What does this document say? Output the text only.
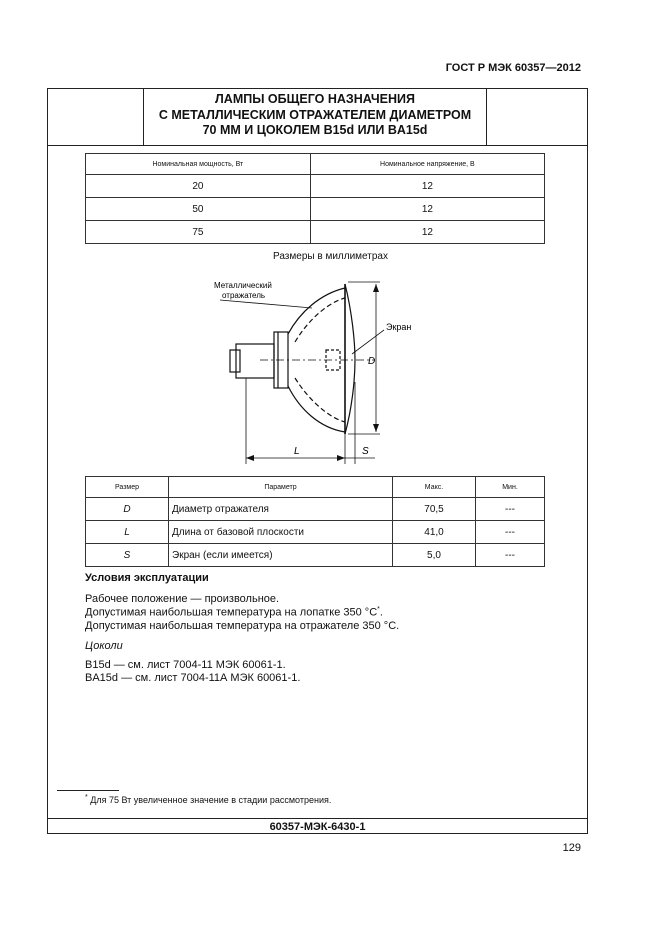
ГОСТ Р МЭК 60357—2012
ЛАМПЫ ОБЩЕГО НАЗНАЧЕНИЯ
С МЕТАЛЛИЧЕСКИМ ОТРАЖАТЕЛЕМ ДИАМЕТРОМ
70 ММ И ЦОКОЛЕМ B15d ИЛИ BA15d
Номинальная мощность, Вт	Номинальное напряжение, В
20	12
50	12
75	12
Размеры в миллиметрах
Металлический
отражатель
Экран
D
L	S
Размер	Параметр	Макс.	Мин.
D	Диаметр отражателя	70,5	---
L	Длина от базовой плоскости	41,0	---
S	Экран (если имеется)	5,0	---
Условия эксплуатации
Рабочее положение — произвольное.
Допустимая наибольшая температура на лопатке 350 °С*.
Допустимая наибольшая температура на отражателе 350 °С.
Цоколи
B15d — см. лист 7004-11 МЭК 60061-1.
BA15d — см. лист 7004-11А МЭК 60061-1.
* Для 75 Вт увеличенное значение в стадии рассмотрения.
60357-МЭК-6430-1
129
